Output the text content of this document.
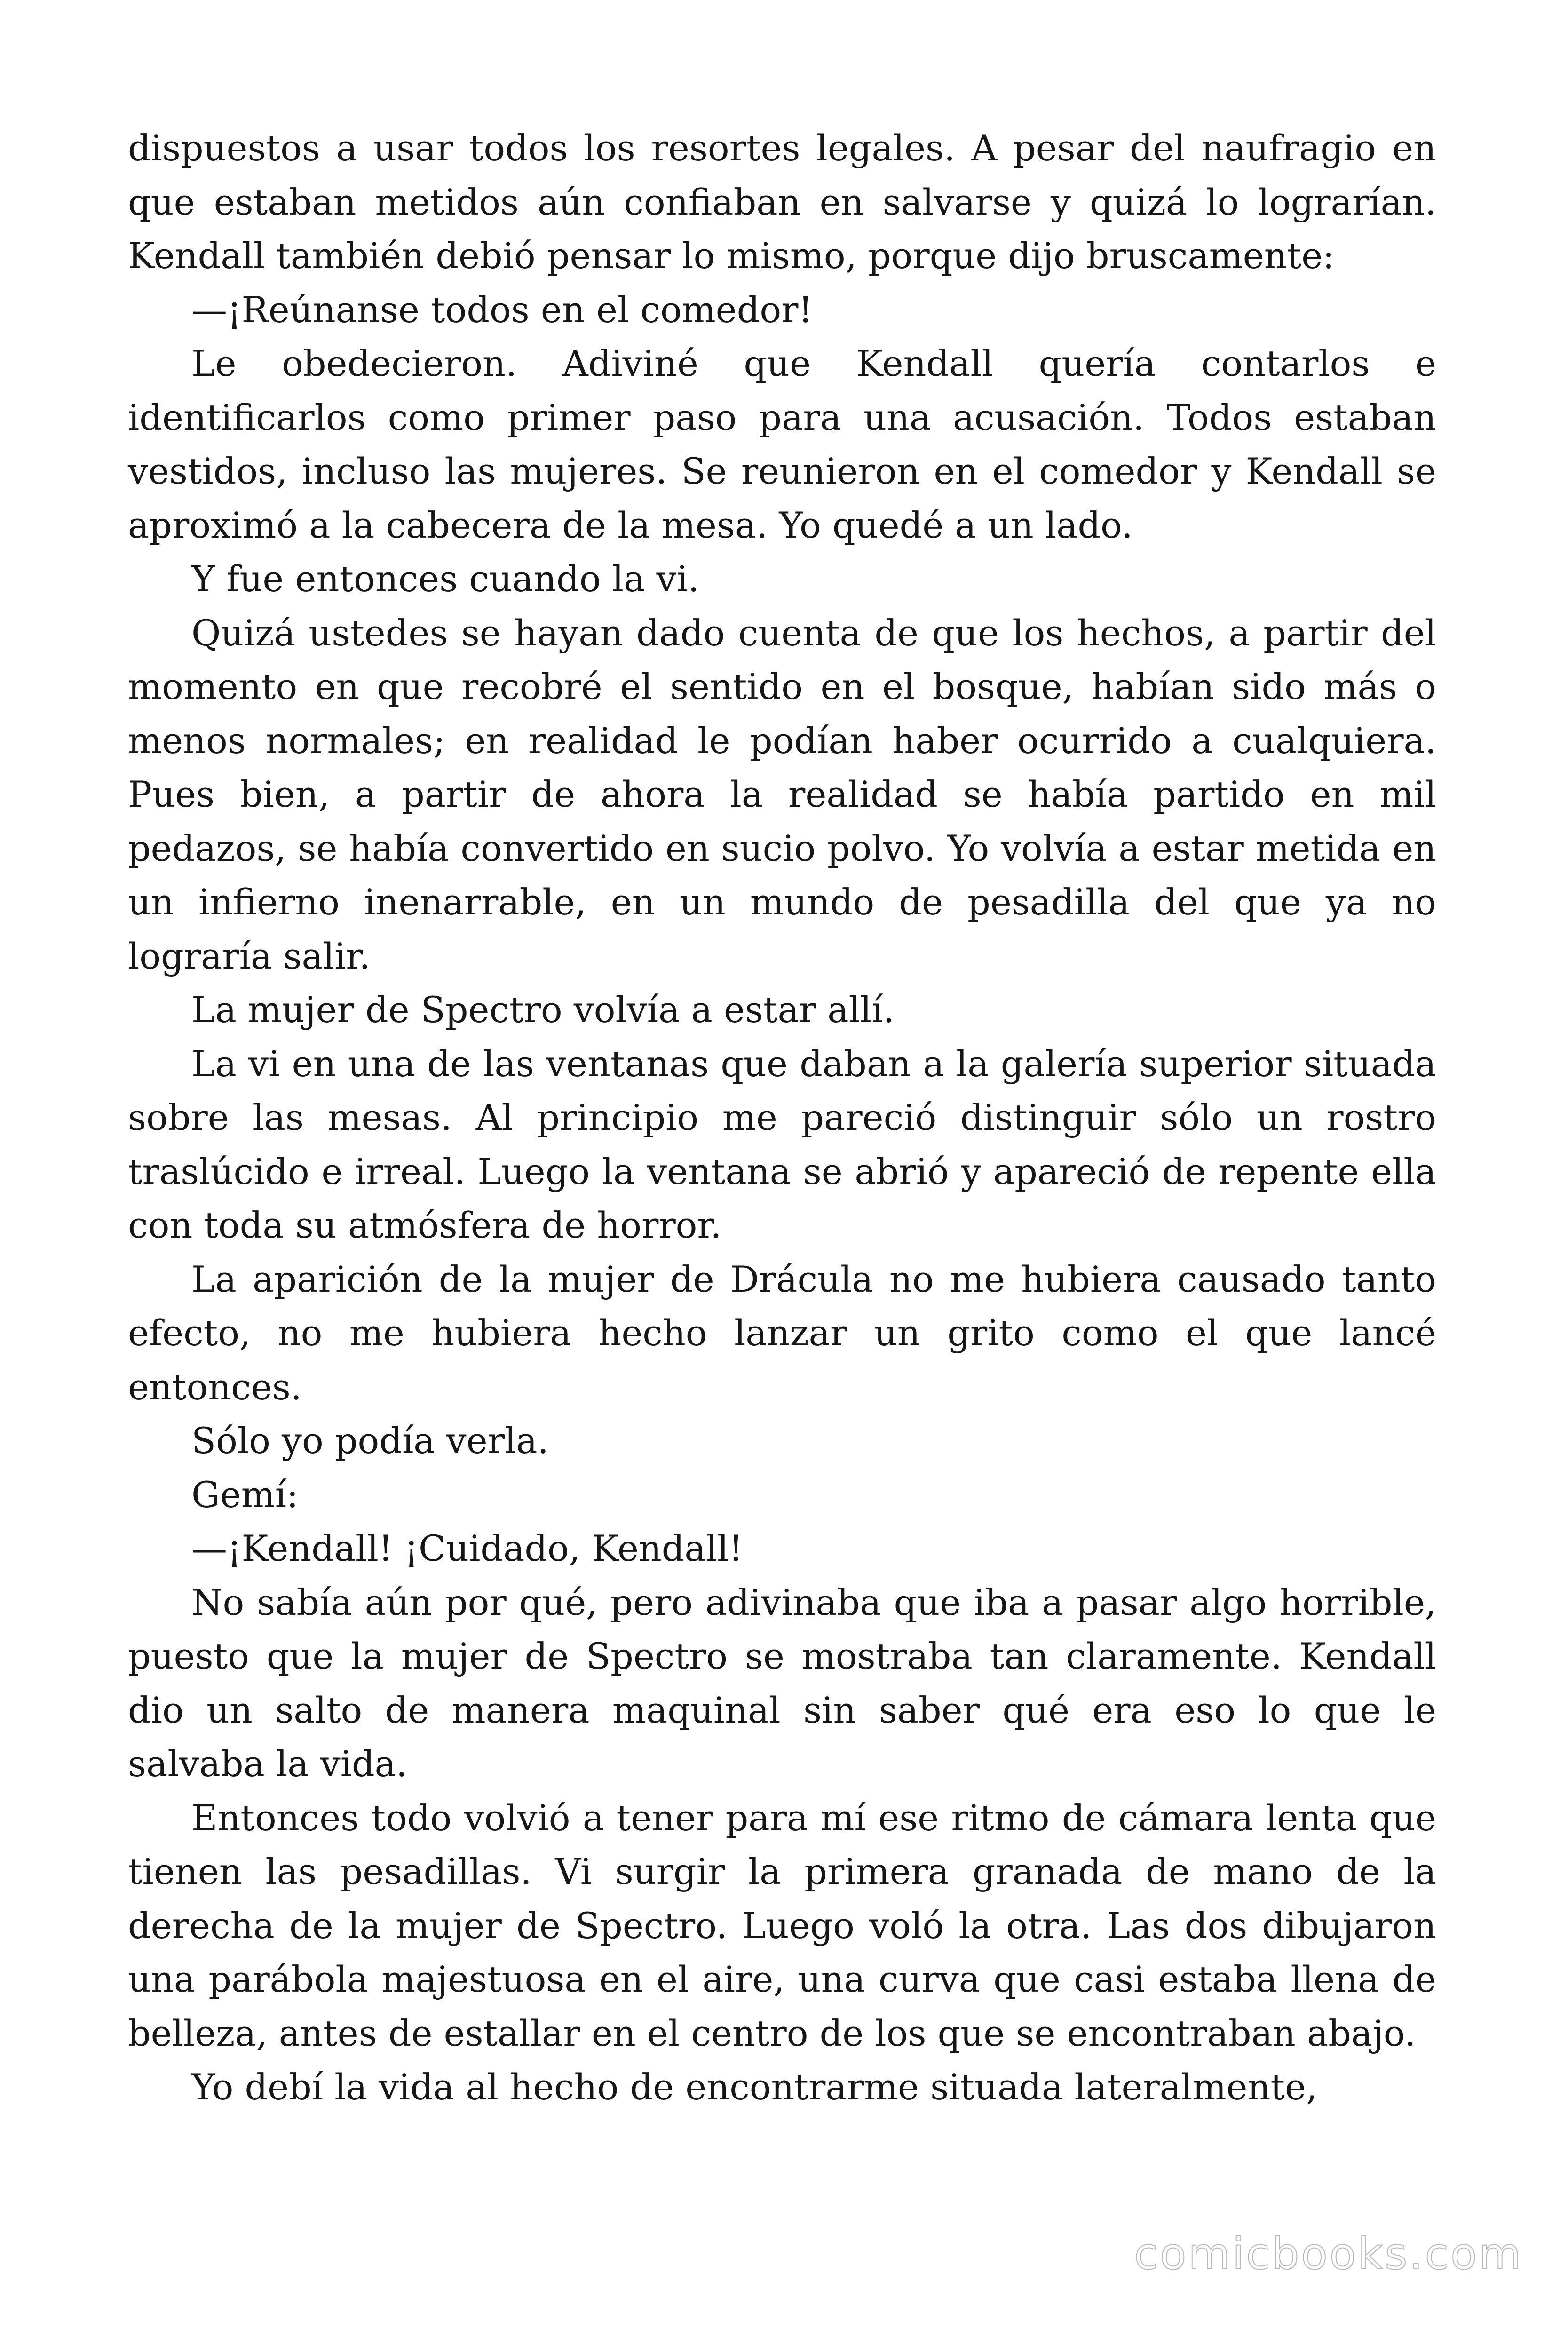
dispuestos a usar todos los resortes legales. A pesar del naufragio en que estaban metidos aún confiaban en salvarse y quizá lo lograrían. Kendall también debió pensar lo mismo, porque dijo bruscamente:

—¡Reúnanse todos en el comedor!

Le obedecieron. Adiviné que Kendall quería contarlos e identificarlos como primer paso para una acusación. Todos estaban vestidos, incluso las mujeres. Se reunieron en el comedor y Kendall se aproximó a la cabecera de la mesa. Yo quedé a un lado.

Y fue entonces cuando la vi.

Quizá ustedes se hayan dado cuenta de que los hechos, a partir del momento en que recobré el sentido en el bosque, habían sido más o menos normales; en realidad le podían haber ocurrido a cualquiera. Pues bien, a partir de ahora la realidad se había partido en mil pedazos, se había convertido en sucio polvo. Yo volvía a estar metida en un infierno inenarrable, en un mundo de pesadilla del que ya no lograría salir.

La mujer de Spectro volvía a estar allí.

La vi en una de las ventanas que daban a la galería superior situada sobre las mesas. Al principio me pareció distinguir sólo un rostro traslúcido e irreal. Luego la ventana se abrió y apareció de repente ella con toda su atmósfera de horror.

La aparición de la mujer de Drácula no me hubiera causado tanto efecto, no me hubiera hecho lanzar un grito como el que lancé entonces.

Sólo yo podía verla.

Gemí:

—¡Kendall! ¡Cuidado, Kendall!

No sabía aún por qué, pero adivinaba que iba a pasar algo horrible, puesto que la mujer de Spectro se mostraba tan claramente. Kendall dio un salto de manera maquinal sin saber qué era eso lo que le salvaba la vida.

Entonces todo volvió a tener para mí ese ritmo de cámara lenta que tienen las pesadillas. Vi surgir la primera granada de mano de la derecha de la mujer de Spectro. Luego voló la otra. Las dos dibujaron una parábola majestuosa en el aire, una curva que casi estaba llena de belleza, antes de estallar en el centro de los que se encontraban abajo.

Yo debí la vida al hecho de encontrarme situada lateralmente,

comicbooks.com
